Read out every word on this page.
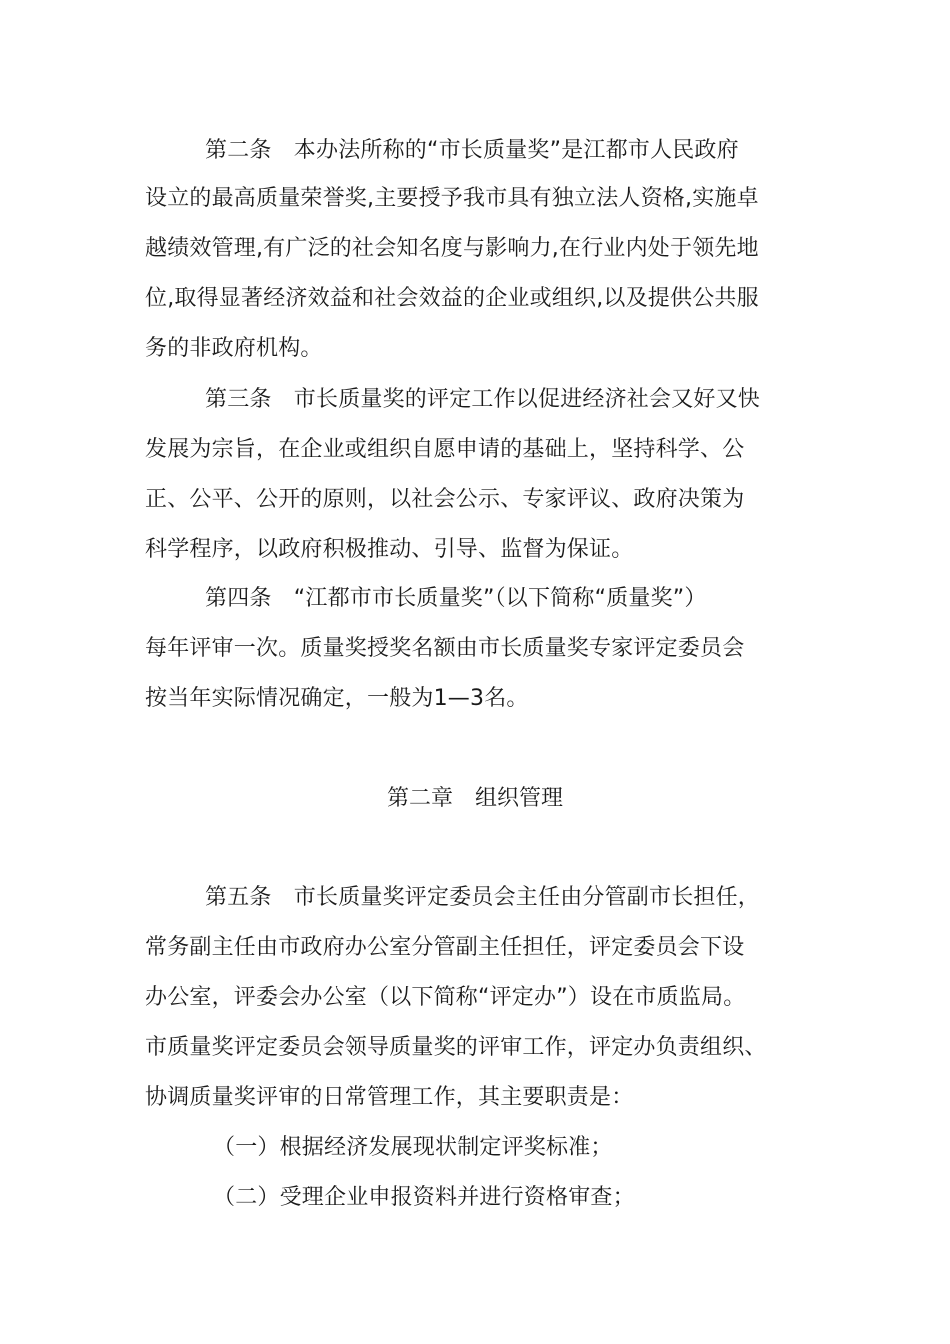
第二条　本办法所称的“市长质量奖”是江都市人民政府
设立的最高质量荣誉奖,主要授予我市具有独立法人资格,实施卓
越绩效管理,有广泛的社会知名度与影响力,在行业内处于领先地
位,取得显著经济效益和社会效益的企业或组织,以及提供公共服
务的非政府机构。
第三条　市长质量奖的评定工作以促进经济社会又好又快
发展为宗旨，在企业或组织自愿申请的基础上，坚持科学、公
正、公平、公开的原则，以社会公示、专家评议、政府决策为
科学程序，以政府积极推动、引导、监督为保证。
第四条　“江都市市长质量奖”（以下简称“质量奖”）
每年评审一次。质量奖授奖名额由市长质量奖专家评定委员会
按当年实际情况确定，一般为1—3名。
第二章　组织管理
第五条　市长质量奖评定委员会主任由分管副市长担任，
常务副主任由市政府办公室分管副主任担任，评定委员会下设
办公室，评委会办公室（以下简称“评定办”）设在市质监局。
市质量奖评定委员会领导质量奖的评审工作，评定办负责组织、
协调质量奖评审的日常管理工作，其主要职责是：
（一）根据经济发展现状制定评奖标准；
（二）受理企业申报资料并进行资格审查；
